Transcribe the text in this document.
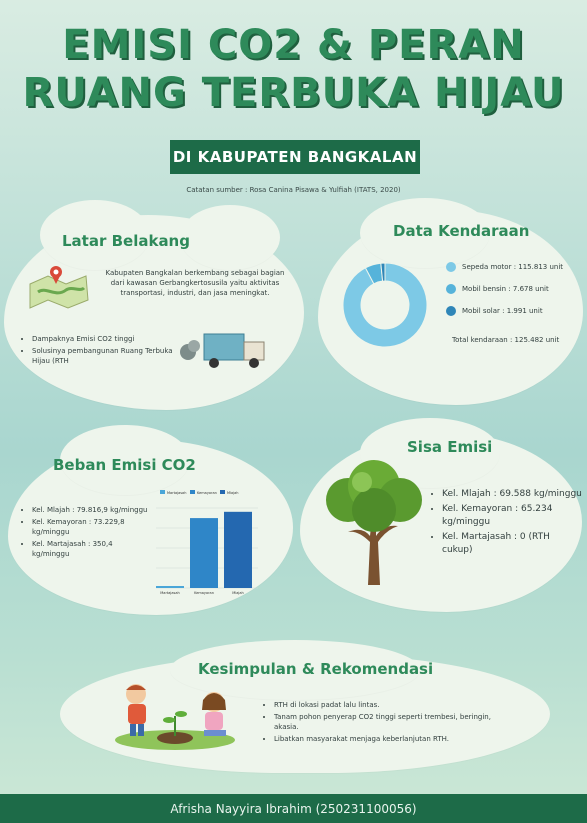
EMISI CO2 & PERAN
RUANG TERBUKA HIJAU
DI KABUPATEN BANGKALAN
Catatan sumber : Rosa Canina Pisawa & Yulfiah (ITATS, 2020)
Latar Belakang
Kabupaten Bangkalan berkembang sebagai bagian dari kawasan Gerbangkertosusila yaitu aktivitas transportasi, industri, dan jasa meningkat.
• Dampaknya Emisi CO2 tinggi
• Solusinya pembangunan Ruang Terbuka Hijau (RTH
Data Kendaraan
Sepeda motor : 115.813 unit
Mobil bensin : 7.678 unit
Mobil solar : 1.991 unit
Total kendaraan : 125.482 unit
Beban Emisi CO2
• Kel. Mlajah : 79.816,9 kg/minggu
• Kel. Kemayoran : 73.229,8 kg/minggu
• Kel. Martajasah : 350,4 kg/minggu
Martajasah	Kemayoran	Mlajah
Martajasah	Kemayoran	Mlajah
Sisa Emisi
• Kel. Mlajah : 69.588 kg/minggu
• Kel. Kemayoran : 65.234 kg/minggu
• Kel. Martajasah : 0 (RTH cukup)
Kesimpulan & Rekomendasi
• RTH di lokasi padat lalu lintas.
• Tanam pohon penyerap CO2 tinggi seperti trembesi, beringin, akasia.
• Libatkan masyarakat menjaga keberlanjutan RTH.
Afrisha Nayyira Ibrahim (250231100056)
